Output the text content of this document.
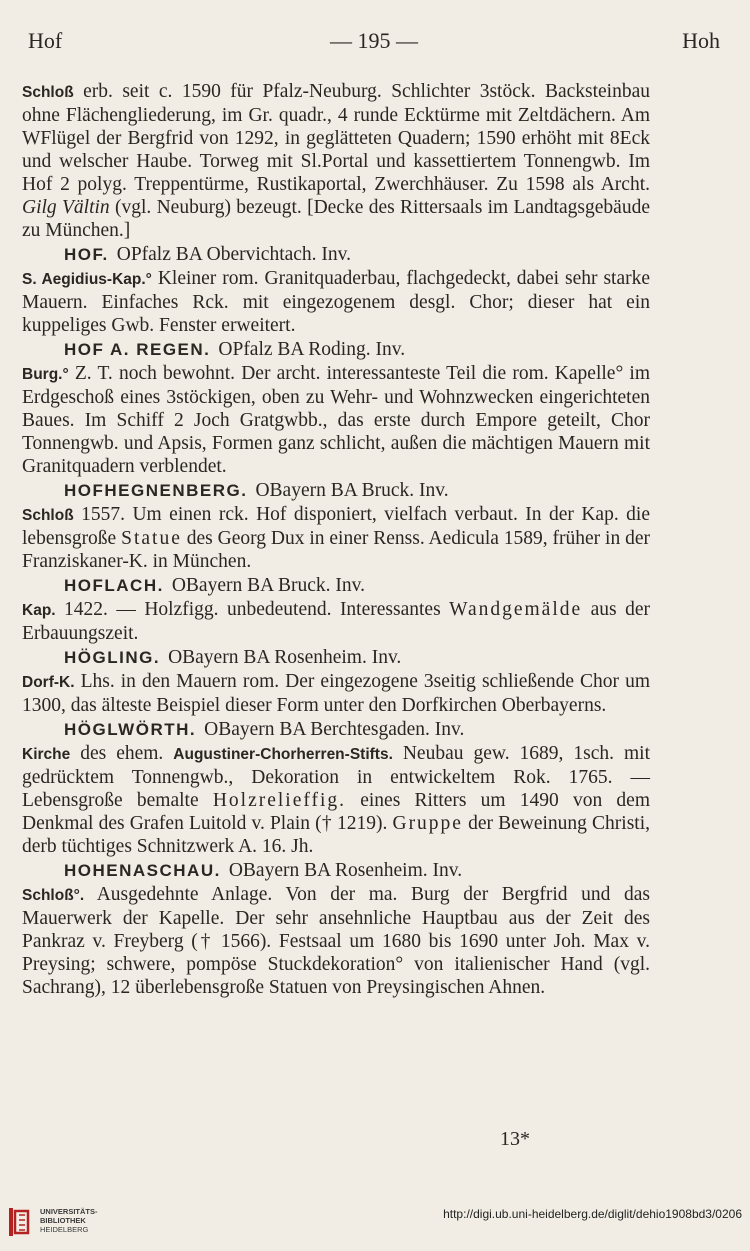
Hof	— 195 —	Hoh

Schloß erb. seit c. 1590 für Pfalz-Neuburg. Schlichter 3stöck. Backsteinbau ohne Flächengliederung, im Gr. quadr., 4 runde Ecktürme mit Zeltdächern. Am WFlügel der Bergfrid von 1292, in geglätteten Quadern; 1590 erhöht mit 8Eck und welscher Haube. Torweg mit Sl.Portal und kassettiertem Tonnengwb. Im Hof 2 polyg. Treppentürme, Rustikaportal, Zwerchhäuser. Zu 1598 als Archt. Gilg Vältin (vgl. Neuburg) bezeugt. [Decke des Rittersaals im Landtagsgebäude zu München.]

HOF. OPfalz BA Obervichtach. Inv.

S. Aegidius-Kap.° Kleiner rom. Granitquaderbau, flachgedeckt, dabei sehr starke Mauern. Einfaches Rck. mit eingezogenem desgl. Chor; dieser hat ein kuppeliges Gwb. Fenster erweitert.

HOF A. REGEN. OPfalz BA Roding. Inv.

Burg.° Z. T. noch bewohnt. Der archt. interessanteste Teil die rom. Kapelle° im Erdgeschoß eines 3stöckigen, oben zu Wehr- und Wohnzwecken eingerichteten Baues. Im Schiff 2 Joch Gratgwbb., das erste durch Empore geteilt, Chor Tonnengwb. und Apsis, Formen ganz schlicht, außen die mächtigen Mauern mit Granitquadern verblendet.

HOFHEGNENBERG. OBayern BA Bruck. Inv.

Schloß 1557. Um einen rck. Hof disponiert, vielfach verbaut. In der Kap. die lebensgroße Statue des Georg Dux in einer Renss. Aedicula 1589, früher in der Franziskaner-K. in München.

HOFLACH. OBayern BA Bruck. Inv.

Kap. 1422. — Holzfigg. unbedeutend. Interessantes Wandgemälde aus der Erbauungszeit.

HÖGLING. OBayern BA Rosenheim. Inv.

Dorf-K. Lhs. in den Mauern rom. Der eingezogene 3seitig schließende Chor um 1300, das älteste Beispiel dieser Form unter den Dorfkirchen Oberbayerns.

HÖGLWÖRTH. OBayern BA Berchtesgaden. Inv.

Kirche des ehem. Augustiner-Chorherren-Stifts. Neubau gew. 1689, 1sch. mit gedrücktem Tonnengwb., Dekoration in entwickeltem Rok. 1765. — Lebensgroße bemalte Holzrelieffig. eines Ritters um 1490 von dem Denkmal des Grafen Luitold v. Plain († 1219). Gruppe der Beweinung Christi, derb tüchtiges Schnitzwerk A. 16. Jh.

HOHENASCHAU. OBayern BA Rosenheim. Inv.

Schloß°. Ausgedehnte Anlage. Von der ma. Burg der Bergfrid und das Mauerwerk der Kapelle. Der sehr ansehnliche Hauptbau aus der Zeit des Pankraz v. Freyberg († 1566). Festsaal um 1680 bis 1690 unter Joh. Max v. Preysing; schwere, pompöse Stuckdekoration° von italienischer Hand (vgl. Sachrang), 12 überlebensgroße Statuen von Preysingischen Ahnen.

13*
UNIVERSITÄTS-
BIBLIOTHEK
HEIDELBERG
http://digi.ub.uni-heidelberg.de/diglit/dehio1908bd3/0206
